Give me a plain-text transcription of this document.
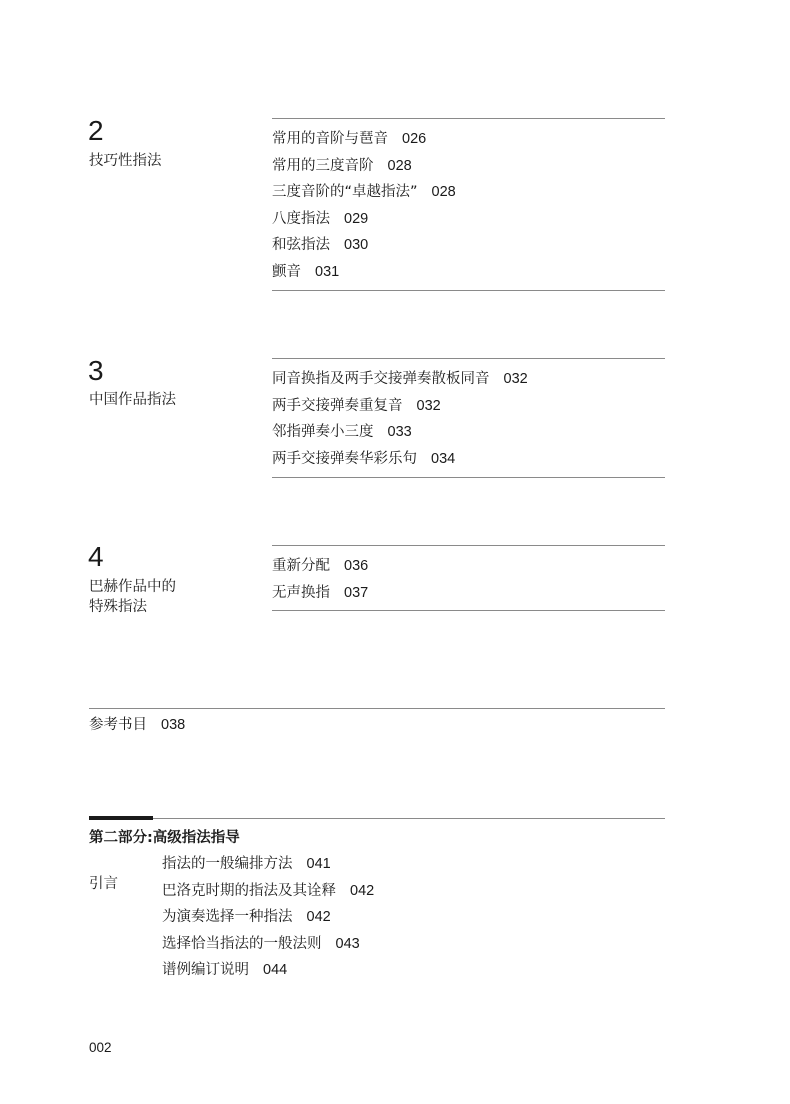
2
技巧性指法
常用的音阶与琶音 026
常用的三度音阶 028
三度音阶的“卓越指法” 028
八度指法 029
和弦指法 030
颤音 031
3
中国作品指法
同音换指及两手交接弹奏散板同音 032
两手交接弹奏重复音 032
邻指弹奏小三度 033
两手交接弹奏华彩乐句 034
4
巴赫作品中的
特殊指法
重新分配 036
无声换指 037
参考书目 038
第二部分:高级指法指导
引言
指法的一般编排方法 041
巴洛克时期的指法及其诠释 042
为演奏选择一种指法 042
选择恰当指法的一般法则 043
谱例编订说明 044
002
